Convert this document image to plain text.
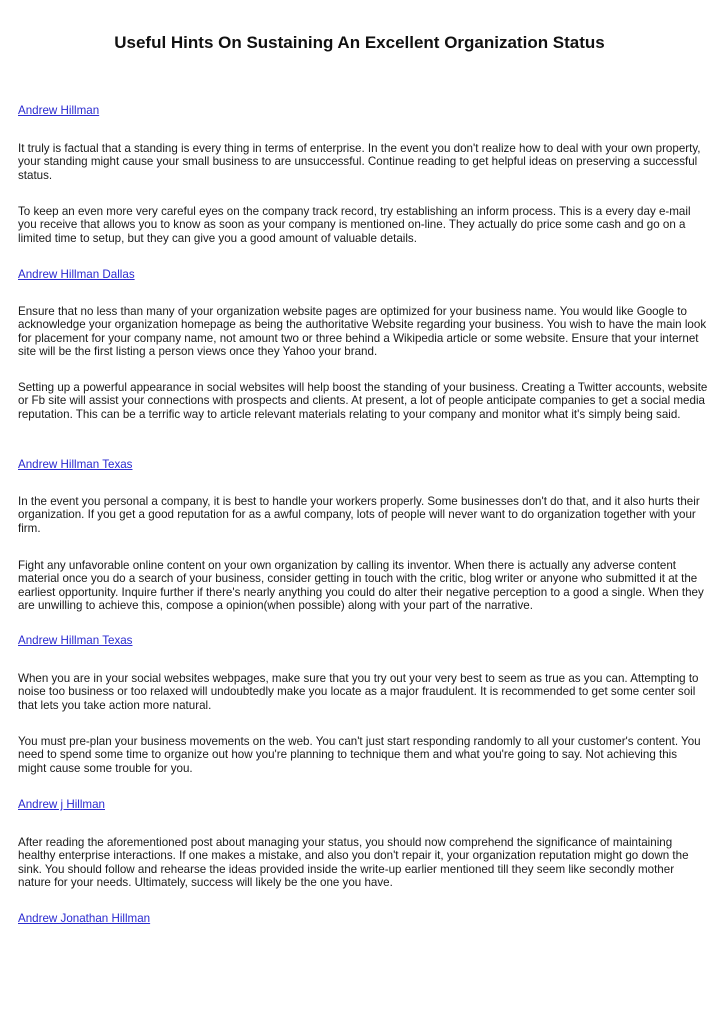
Useful Hints On Sustaining An Excellent Organization Status

Andrew Hillman

It truly is factual that a standing is every thing in terms of enterprise. In the event you don't realize how to deal with your own property, your standing might cause your small business to are unsuccessful. Continue reading to get helpful ideas on preserving a successful status.

To keep an even more very careful eyes on the company track record, try establishing an inform process. This is a every day e-mail you receive that allows you to know as soon as your company is mentioned on-line. They actually do price some cash and go on a limited time to setup, but they can give you a good amount of valuable details.

Andrew Hillman Dallas

Ensure that no less than many of your organization website pages are optimized for your business name. You would like Google to acknowledge your organization homepage as being the authoritative Website regarding your business. You wish to have the main look for placement for your company name, not amount two or three behind a Wikipedia article or some website. Ensure that your internet site will be the first listing a person views once they Yahoo your brand.

Setting up a powerful appearance in social websites will help boost the standing of your business. Creating a Twitter accounts, website or Fb site will assist your connections with prospects and clients. At present, a lot of people anticipate companies to get a social media reputation. This can be a terrific way to article relevant materials relating to your company and monitor what it's simply being said.

Andrew Hillman Texas

In the event you personal a company, it is best to handle your workers properly. Some businesses don't do that, and it also hurts their organization. If you get a good reputation for as a awful company, lots of people will never want to do organization together with your firm.

Fight any unfavorable online content on your own organization by calling its inventor. When there is actually any adverse content material once you do a search of your business, consider getting in touch with the critic, blog writer or anyone who submitted it at the earliest opportunity. Inquire further if there's nearly anything you could do alter their negative perception to a good a single. When they are unwilling to achieve this, compose a opinion(when possible) along with your part of the narrative.

Andrew Hillman Texas

When you are in your social websites webpages, make sure that you try out your very best to seem as true as you can. Attempting to noise too business or too relaxed will undoubtedly make you locate as a major fraudulent. It is recommended to get some center soil that lets you take action more natural.

You must pre-plan your business movements on the web. You can't just start responding randomly to all your customer's content. You need to spend some time to organize out how you're planning to technique them and what you're going to say. Not achieving this might cause some trouble for you.

Andrew j Hillman

After reading the aforementioned post about managing your status, you should now comprehend the significance of maintaining healthy enterprise interactions. If one makes a mistake, and also you don't repair it, your organization reputation might go down the sink. You should follow and rehearse the ideas provided inside the write-up earlier mentioned till they seem like secondly mother nature for your needs. Ultimately, success will likely be the one you have.

Andrew Jonathan Hillman
